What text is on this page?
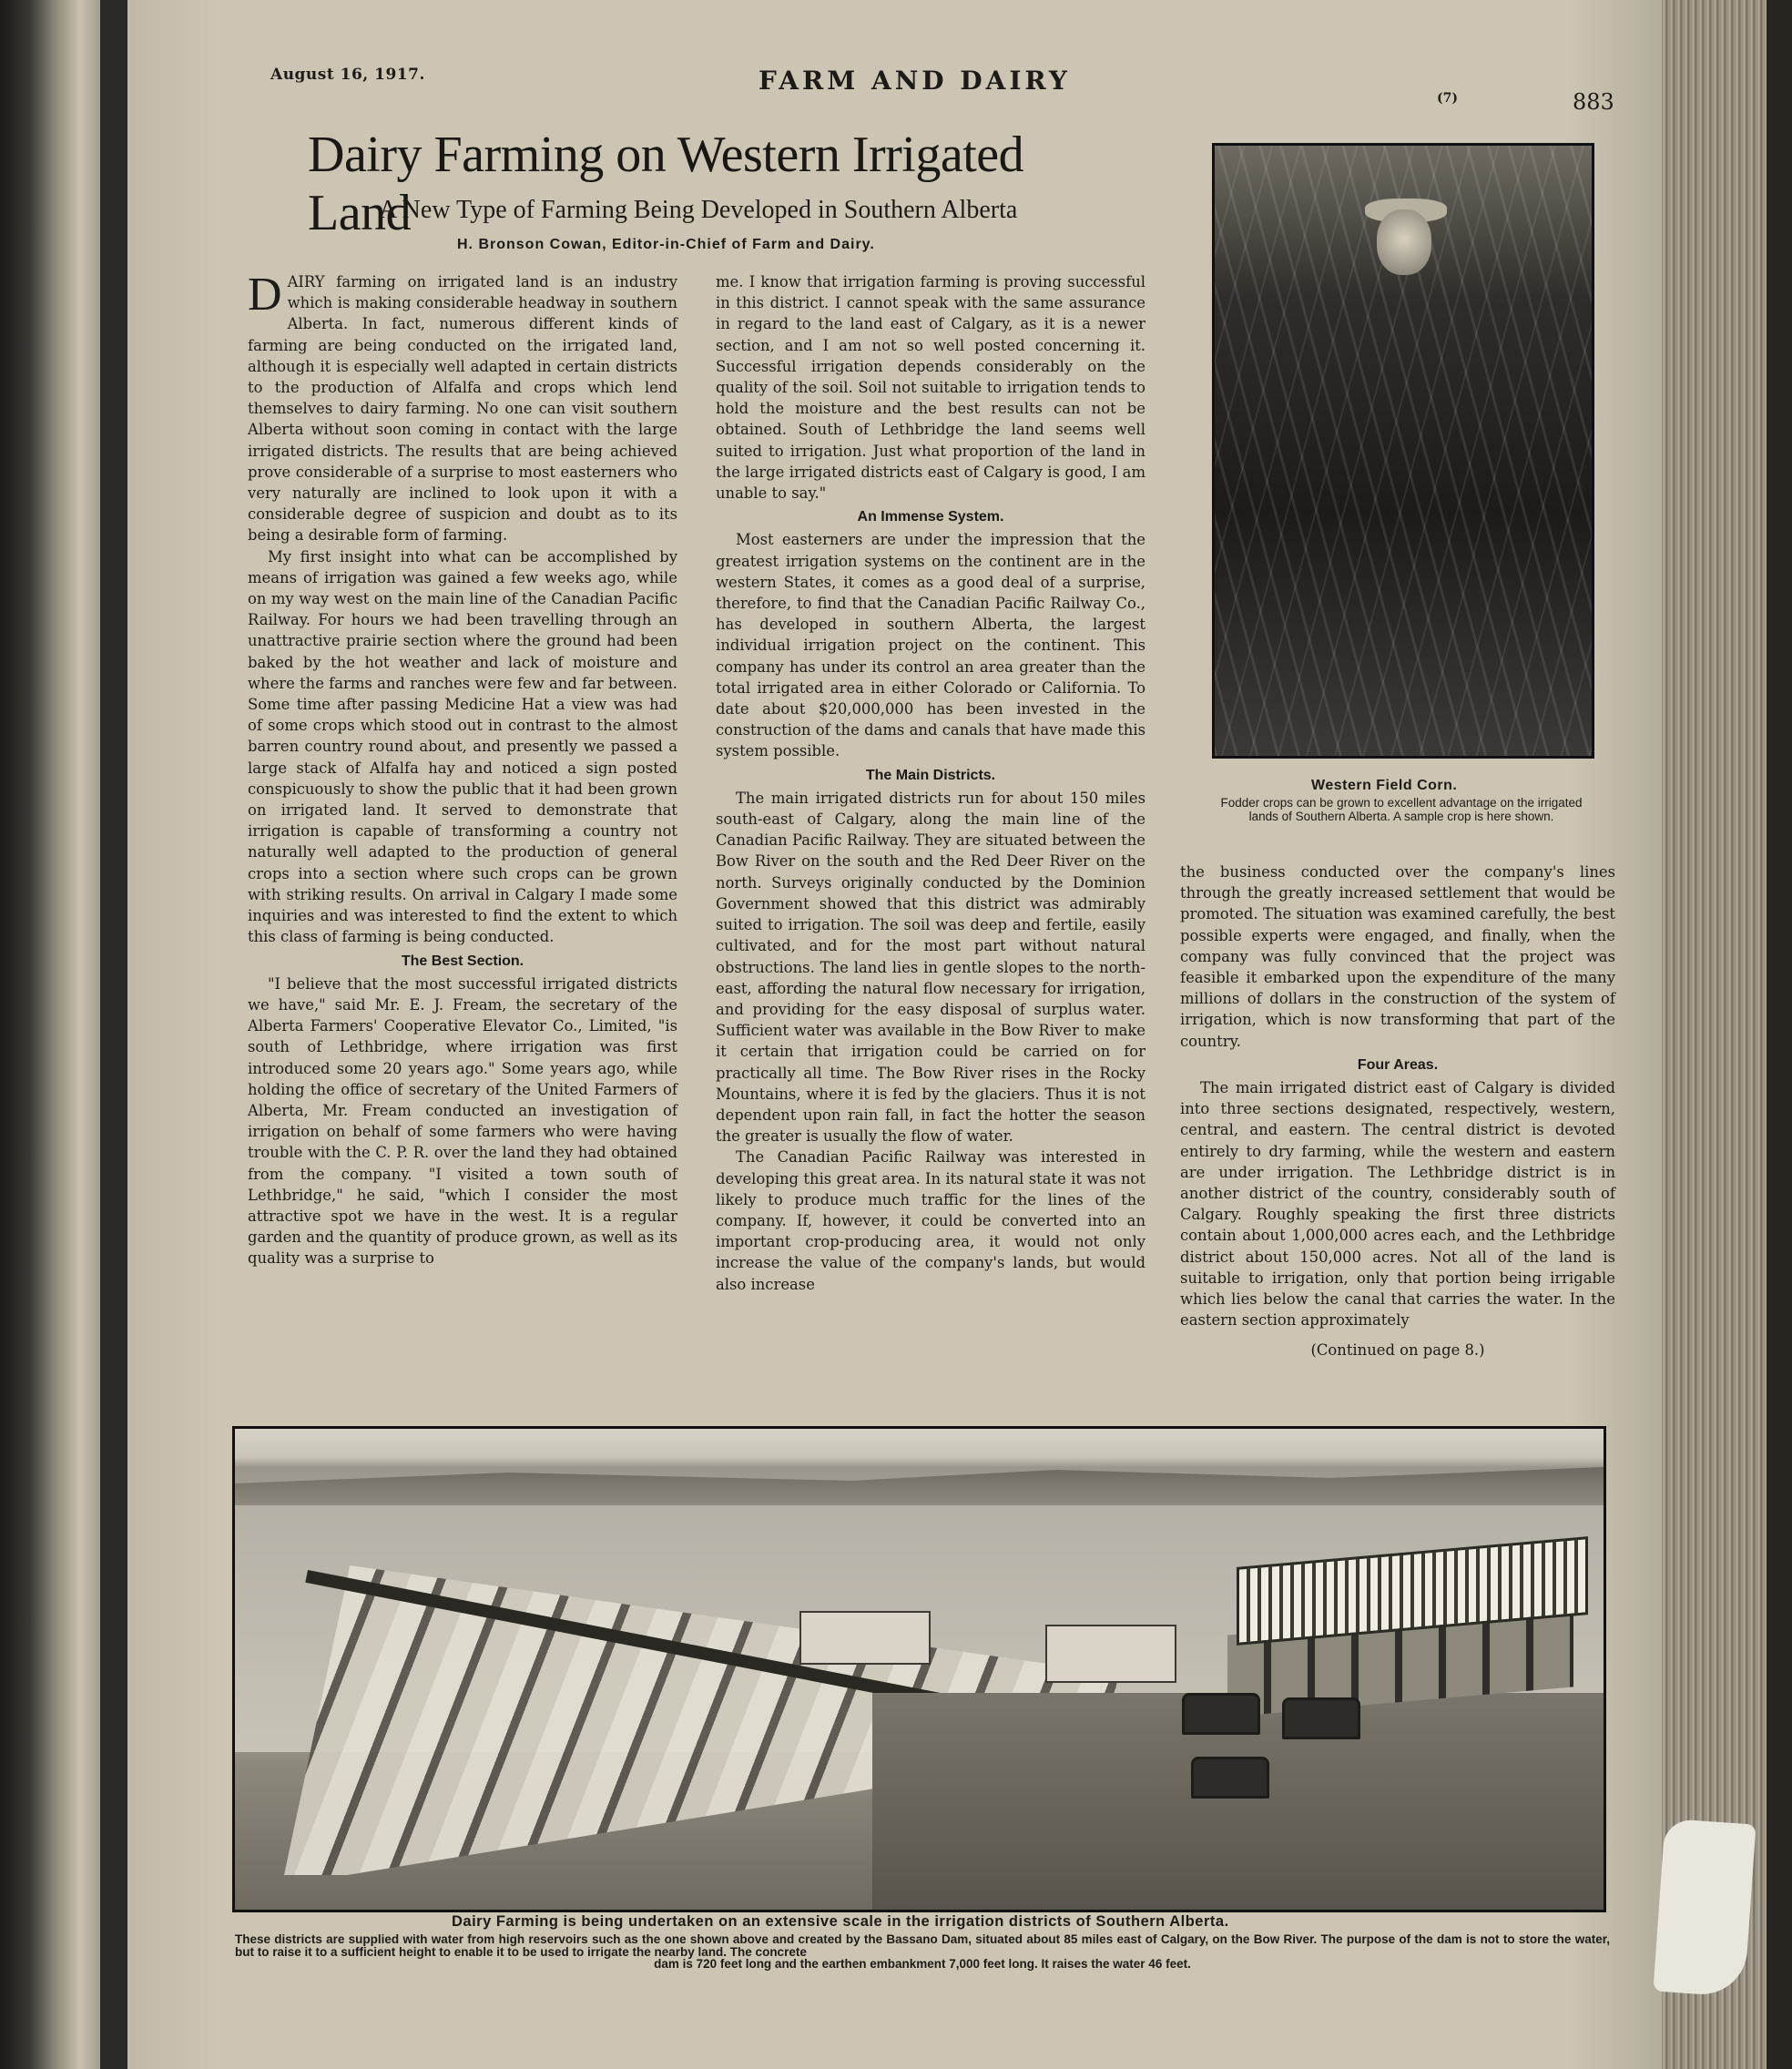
August 16, 1917.	FARM AND DAIRY
(7)	883
Dairy Farming on Western Irrigated Land
A New Type of Farming Being Developed in Southern Alberta
H. Bronson Cowan, Editor-in-Chief of Farm and Dairy.

DAIRY farming on irrigated land is an industry which is making considerable headway in southern Alberta. In fact, numerous different kinds of farming are being conducted on the irrigated land, although it is especially well adapted in certain districts to the production of Alfalfa and crops which lend themselves to dairy farming. No one can visit southern Alberta without soon coming in contact with the large irrigated districts. The results that are being achieved prove considerable of a surprise to most easterners who very naturally are inclined to look upon it with a considerable degree of suspicion and doubt as to its being a desirable form of farming.

My first insight into what can be accomplished by means of irrigation was gained a few weeks ago, while on my way west on the main line of the Canadian Pacific Railway. For hours we had been travelling through an unattractive prairie section where the ground had been baked by the hot weather and lack of moisture and where the farms and ranches were few and far between. Some time after passing Medicine Hat a view was had of some crops which stood out in contrast to the almost barren country round about, and presently we passed a large stack of Alfalfa hay and noticed a sign posted conspicuously to show the public that it had been grown on irrigated land. It served to demonstrate that irrigation is capable of transforming a country not naturally well adapted to the production of general crops into a section where such crops can be grown with striking results. On arrival in Calgary I made some inquiries and was interested to find the extent to which this class of farming is being conducted.

The Best Section.

"I believe that the most successful irrigated districts we have," said Mr. E. J. Fream, the secretary of the Alberta Farmers' Cooperative Elevator Co., Limited, "is south of Lethbridge, where irrigation was first introduced some 20 years ago." Some years ago, while holding the office of secretary of the United Farmers of Alberta, Mr. Fream conducted an investigation of irrigation on behalf of some farmers who were having trouble with the C. P. R. over the land they had obtained from the company. "I visited a town south of Lethbridge," he said, "which I consider the most attractive spot we have in the west. It is a regular garden and the quantity of produce grown, as well as its quality was a surprise to

me. I know that irrigation farming is proving successful in this district. I cannot speak with the same assurance in regard to the land east of Calgary, as it is a newer section, and I am not so well posted concerning it. Successful irrigation depends considerably on the quality of the soil. Soil not suitable to irrigation tends to hold the moisture and the best results can not be obtained. South of Lethbridge the land seems well suited to irrigation. Just what proportion of the land in the large irrigated districts east of Calgary is good, I am unable to say."

An Immense System.

Most easterners are under the impression that the greatest irrigation systems on the continent are in the western States, it comes as a good deal of a surprise, therefore, to find that the Canadian Pacific Railway Co., has developed in southern Alberta, the largest individual irrigation project on the continent. This company has under its control an area greater than the total irrigated area in either Colorado or California. To date about $20,000,000 has been invested in the construction of the dams and canals that have made this system possible.

The Main Districts.

The main irrigated districts run for about 150 miles south-east of Calgary, along the main line of the Canadian Pacific Railway. They are situated between the Bow River on the south and the Red Deer River on the north. Surveys originally conducted by the Dominion Government showed that this district was admirably suited to irrigation. The soil was deep and fertile, easily cultivated, and for the most part without natural obstructions. The land lies in gentle slopes to the north-east, affording the natural flow necessary for irrigation, and providing for the easy disposal of surplus water. Sufficient water was available in the Bow River to make it certain that irrigation could be carried on for practically all time. The Bow River rises in the Rocky Mountains, where it is fed by the glaciers. Thus it is not dependent upon rain fall, in fact the hotter the season the greater is usually the flow of water.

The Canadian Pacific Railway was interested in developing this great area. In its natural state it was not likely to produce much traffic for the lines of the company. If, however, it could be converted into an important crop-producing area, it would not only increase the value of the company's lands, but would also increase

Western Field Corn.
Fodder crops can be grown to excellent advantage on the irrigated lands of Southern Alberta. A sample crop is here shown.

the business conducted over the company's lines through the greatly increased settlement that would be promoted. The situation was examined carefully, the best possible experts were engaged, and finally, when the company was fully convinced that the project was feasible it embarked upon the expenditure of the many millions of dollars in the construction of the system of irrigation, which is now transforming that part of the country.

Four Areas.

The main irrigated district east of Calgary is divided into three sections designated, respectively, western, central, and eastern. The central district is devoted entirely to dry farming, while the western and eastern are under irrigation. The Lethbridge district is in another district of the country, considerably south of Calgary. Roughly speaking the first three districts contain about 1,000,000 acres each, and the Lethbridge district about 150,000 acres. Not all of the land is suitable to irrigation, only that portion being irrigable which lies below the canal that carries the water. In the eastern section approximately

(Continued on page 8.)
Dairy Farming is being undertaken on an extensive scale in the irrigation districts of Southern Alberta.
These districts are supplied with water from high reservoirs such as the one shown above and created by the Bassano Dam, situated about 85 miles east of Calgary, on the Bow River. The purpose of the dam is not to store the water, but to raise it to a sufficient height to enable it to be used to irrigate the nearby land. The concrete
dam is 720 feet long and the earthen embankment 7,000 feet long. It raises the water 46 feet.
